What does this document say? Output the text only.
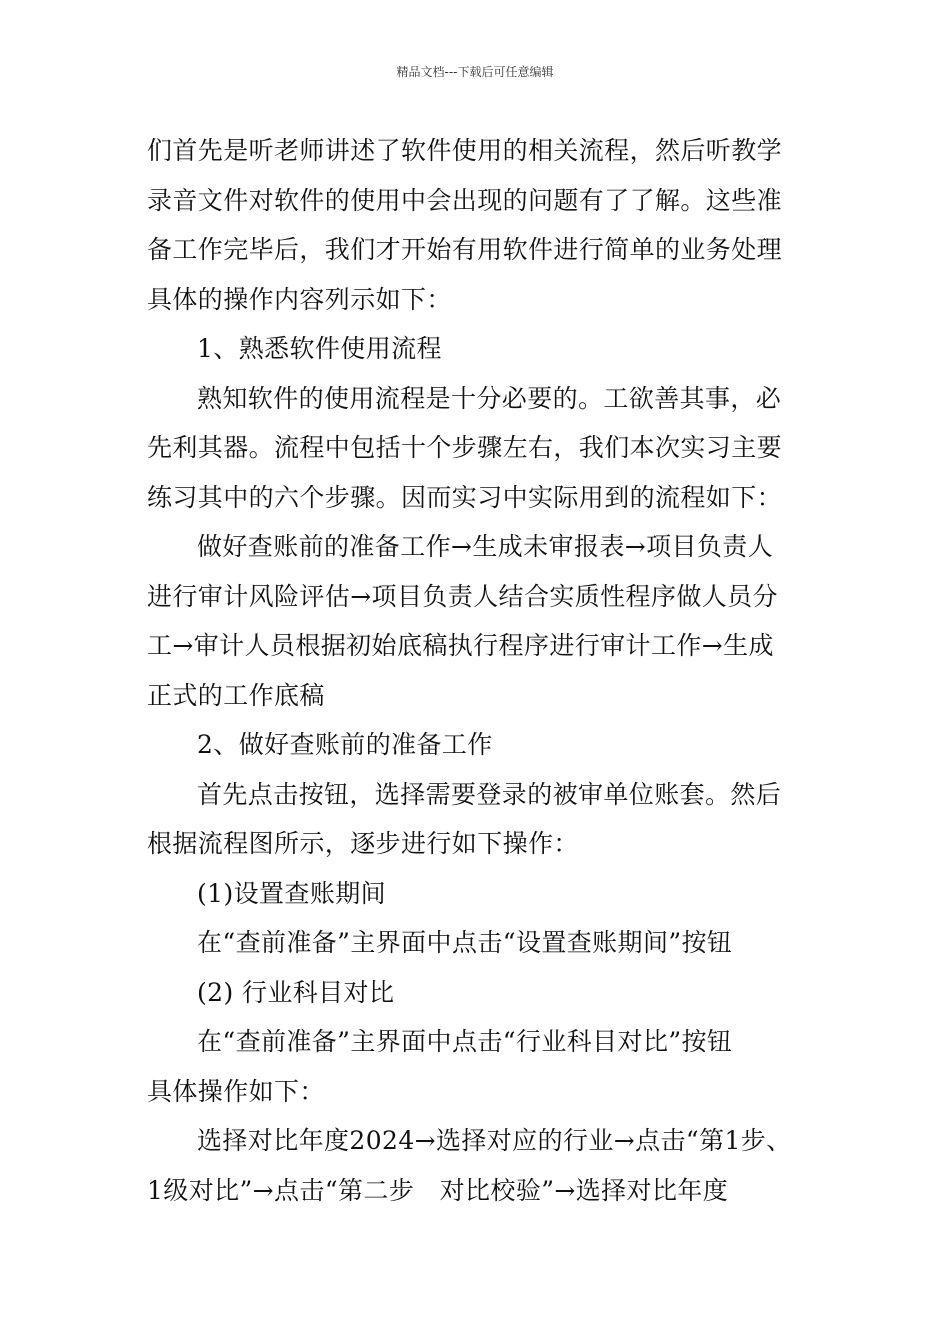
精品文档---下载后可任意编辑

们首先是听老师讲述了软件使用的相关流程，然后听教学

录音文件对软件的使用中会出现的问题有了了解。这些准

备工作完毕后，我们才开始有用软件进行简单的业务处理

具体的操作内容列示如下：

1、熟悉软件使用流程

熟知软件的使用流程是十分必要的。工欲善其事，必

先利其器。流程中包括十个步骤左右，我们本次实习主要

练习其中的六个步骤。因而实习中实际用到的流程如下：

做好查账前的准备工作→生成未审报表→项目负责人

进行审计风险评估→项目负责人结合实质性程序做人员分

工→审计人员根据初始底稿执行程序进行审计工作→生成

正式的工作底稿

2、做好查账前的准备工作

首先点击按钮，选择需要登录的被审单位账套。然后

根据流程图所示，逐步进行如下操作：

(1)设置查账期间

在“查前准备”主界面中点击“设置查账期间”按钮

(2) 行业科目对比

在“查前准备”主界面中点击“行业科目对比”按钮

具体操作如下：

选择对比年度2024→选择对应的行业→点击“第1步、

1级对比”→点击“第二步　对比校验”→选择对比年度
